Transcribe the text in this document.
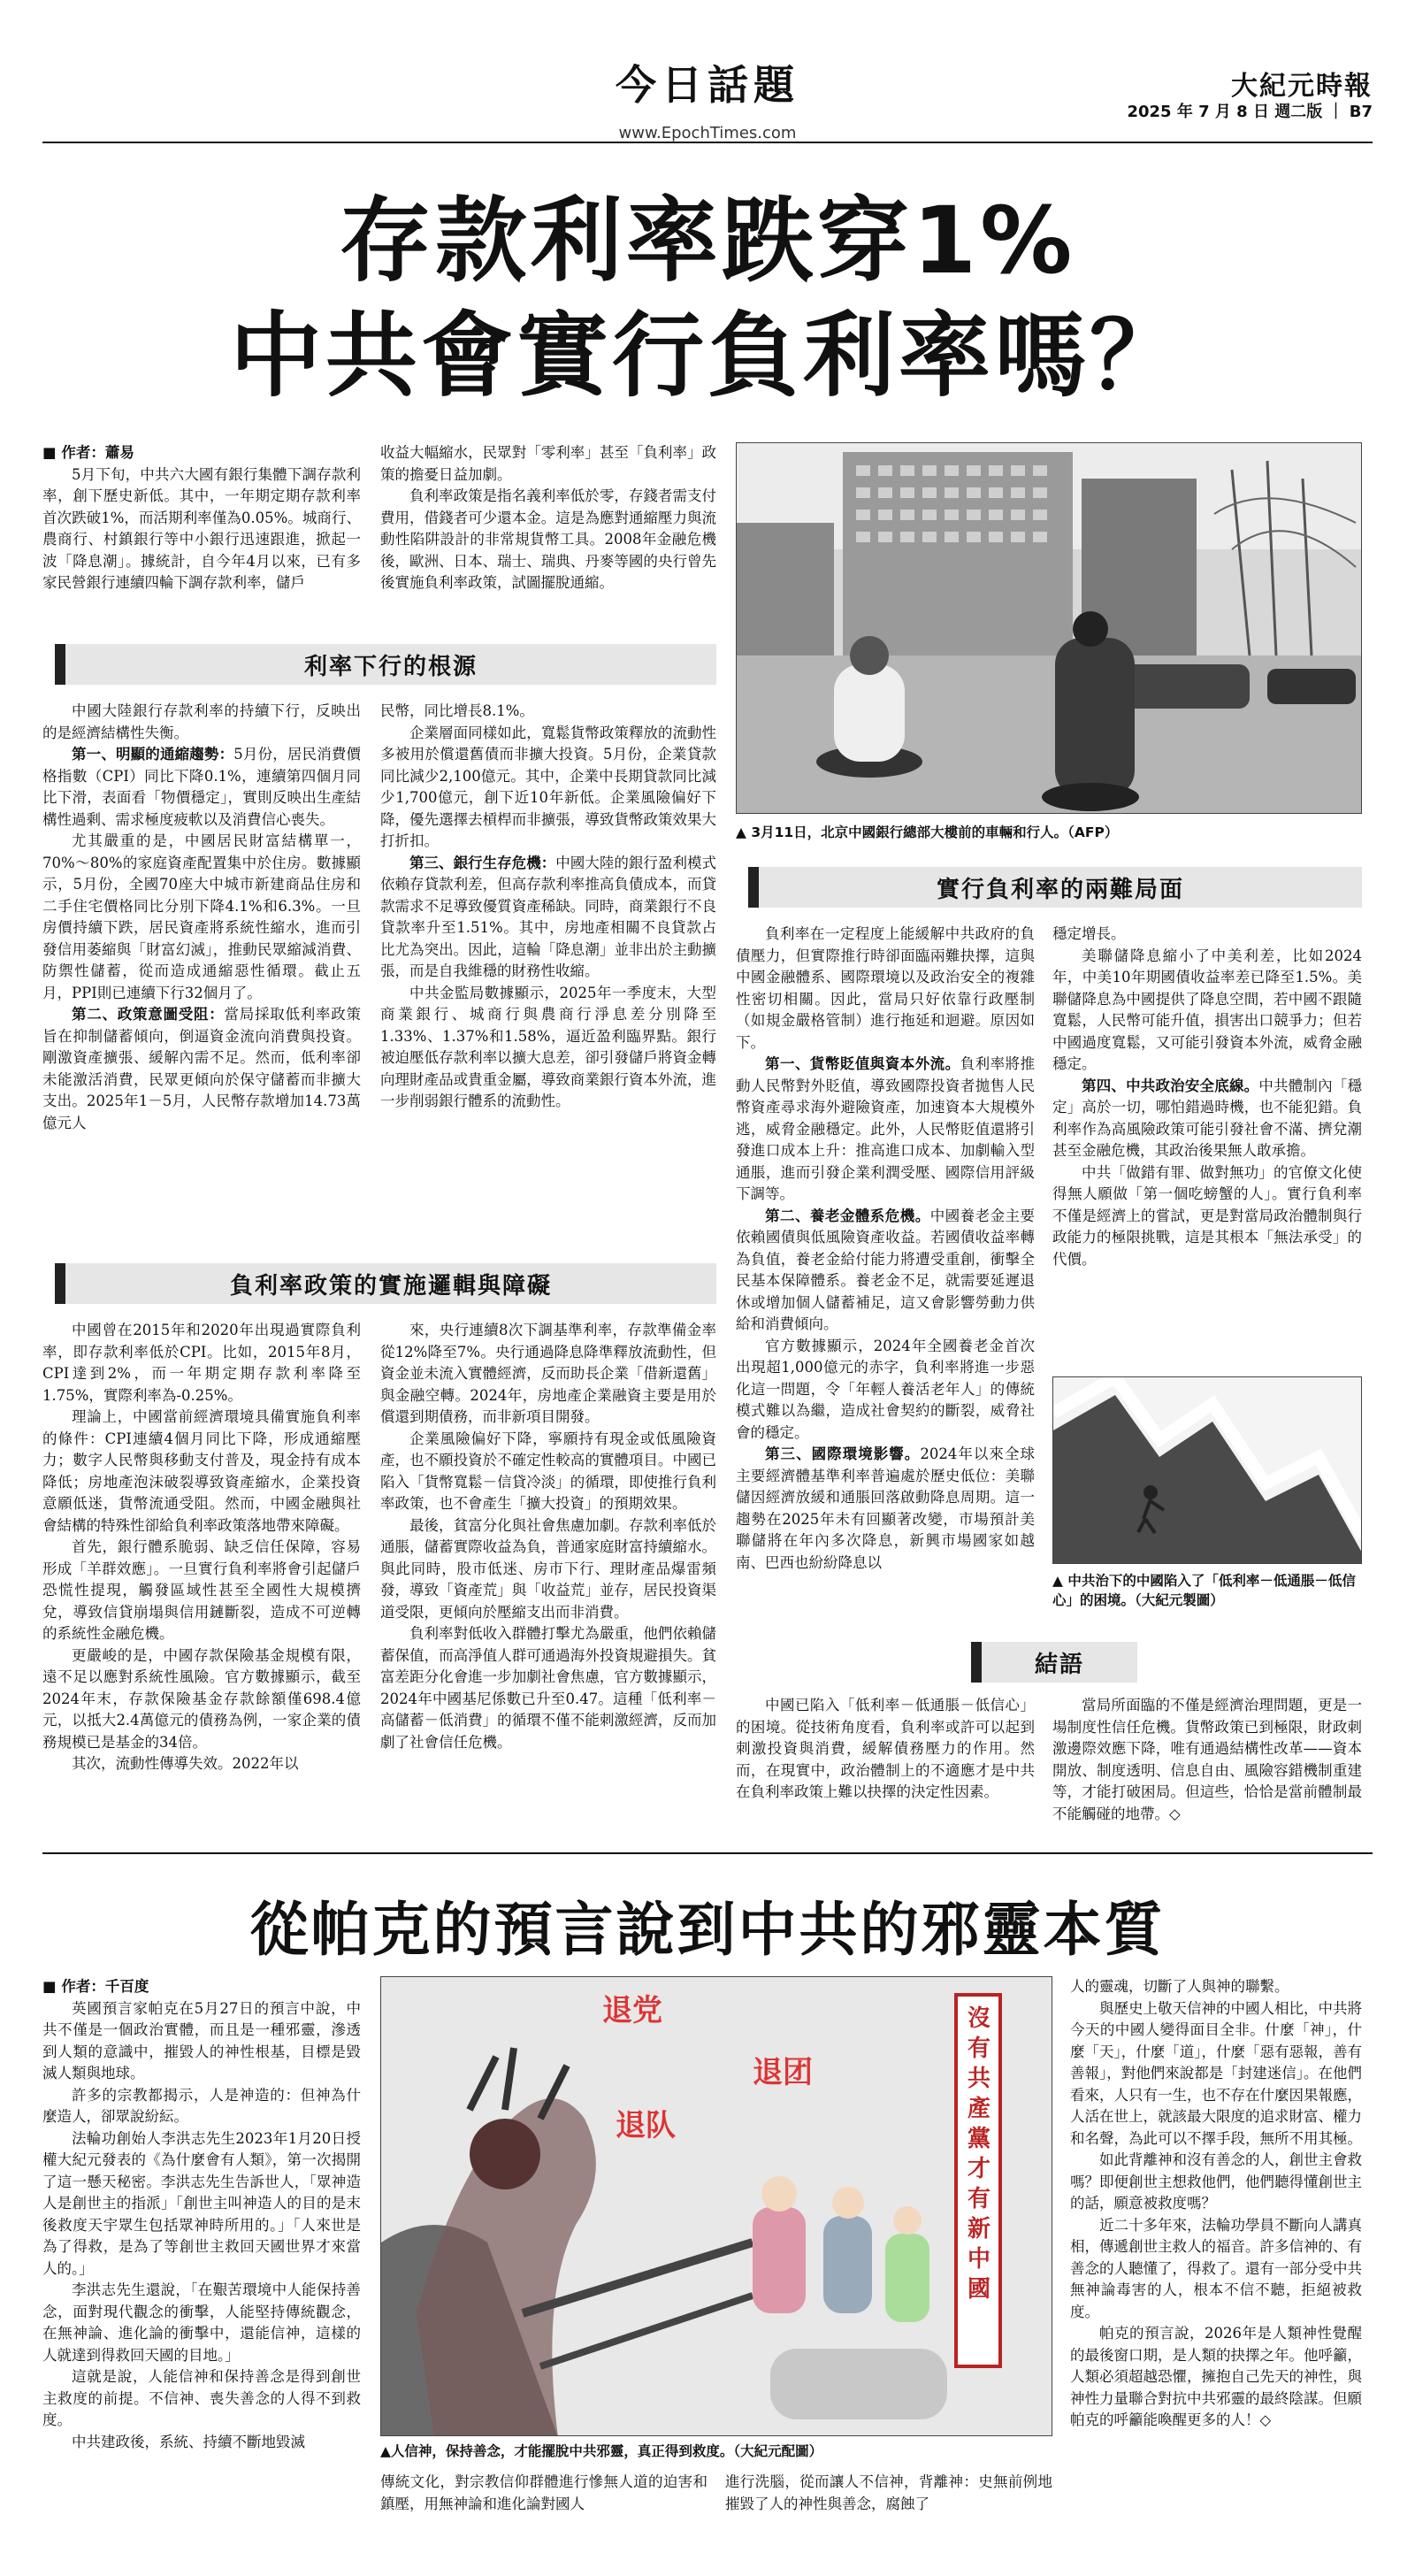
今日話題
www.EpochTimes.com
大紀元時報
2025 年 7 月 8 日 週二版 ｜ B7
存款利率跌穿1%
中共會實行負利率嗎？
■ 作者：蕭易

5月下旬，中共六大國有銀行集體下調存款利率，創下歷史新低。其中，一年期定期存款利率首次跌破1%，而活期利率僅為0.05%。城商行、農商行、村鎮銀行等中小銀行迅速跟進，掀起一波「降息潮」。據統計，自今年4月以來，已有多家民營銀行連續四輪下調存款利率，儲戶

收益大幅縮水，民眾對「零利率」甚至「負利率」政策的擔憂日益加劇。

負利率政策是指名義利率低於零，存錢者需支付費用，借錢者可少還本金。這是為應對通縮壓力與流動性陷阱設計的非常規貨幣工具。2008年金融危機後，歐洲、日本、瑞士、瑞典、丹麥等國的央行曾先後實施負利率政策，試圖擺脫通縮。

▲ 3月11日，北京中國銀行總部大樓前的車輛和行人。（AFP）
利率下行的根源

中國大陸銀行存款利率的持續下行，反映出的是經濟結構性失衡。

第一、明顯的通縮趨勢：5月份，居民消費價格指數（CPI）同比下降0.1%，連續第四個月同比下滑，表面看「物價穩定」，實則反映出生產結構性過剩、需求極度疲軟以及消費信心喪失。

尤其嚴重的是，中國居民財富結構單一，70%～80%的家庭資產配置集中於住房。數據顯示，5月份，全國70座大中城市新建商品住房和二手住宅價格同比分別下降4.1%和6.3%。一旦房價持續下跌，居民資產將系統性縮水，進而引發信用萎縮與「財富幻滅」，推動民眾縮減消費、防禦性儲蓄，從而造成通縮惡性循環。截止五月，PPI則已連續下行32個月了。

第二、政策意圖受阻：當局採取低利率政策旨在抑制儲蓄傾向，倒逼資金流向消費與投資。剛激資產擴張、緩解內需不足。然而，低利率卻未能激活消費，民眾更傾向於保守儲蓄而非擴大支出。2025年1－5月，人民幣存款增加14.73萬億元人

民幣，同比增長8.1%。

企業層面同樣如此，寬鬆貨幣政策釋放的流動性多被用於償還舊債而非擴大投資。5月份，企業貸款同比減少2,100億元。其中，企業中長期貸款同比減少1,700億元，創下近10年新低。企業風險偏好下降，優先選擇去槓桿而非擴張，導致貨幣政策效果大打折扣。

第三、銀行生存危機：中國大陸的銀行盈利模式依賴存貸款利差，但高存款利率推高負債成本，而貸款需求不足導致優質資產稀缺。同時，商業銀行不良貸款率升至1.51%。其中，房地產相關不良貸款占比尤為突出。因此，這輪「降息潮」並非出於主動擴張，而是自我維穩的財務性收縮。

中共金監局數據顯示，2025年一季度末，大型商業銀行、城商行與農商行淨息差分別降至1.33%、1.37%和1.58%，逼近盈利臨界點。銀行被迫壓低存款利率以擴大息差，卻引發儲戶將資金轉向理財產品或貴重金屬，導致商業銀行資本外流，進一步削弱銀行體系的流動性。

負利率政策的實施邏輯與障礙

中國曾在2015年和2020年出現過實際負利率，即存款利率低於CPI。比如，2015年8月，CPI達到2%，而一年期定期存款利率降至1.75%，實際利率為-0.25%。

理論上，中國當前經濟環境具備實施負利率的條件：CPI連續4個月同比下降，形成通縮壓力；數字人民幣與移動支付普及，現金持有成本降低；房地產泡沫破裂導致資產縮水，企業投資意願低迷，貨幣流通受阻。然而，中國金融與社會結構的特殊性卻給負利率政策落地帶來障礙。

首先，銀行體系脆弱、缺乏信任保障，容易形成「羊群效應」。一旦實行負利率將會引起儲戶恐慌性提現，觸發區域性甚至全國性大規模擠兌，導致信貸崩塌與信用鏈斷裂，造成不可逆轉的系統性金融危機。

更嚴峻的是，中國存款保險基金規模有限，遠不足以應對系統性風險。官方數據顯示，截至2024年末，存款保險基金存款餘額僅698.4億元，以抵大2.4萬億元的債務為例，一家企業的債務規模已是基金的34倍。

其次，流動性傳導失效。2022年以

來，央行連續8次下調基準利率，存款準備金率從12%降至7%。央行通過降息降準釋放流動性，但資金並未流入實體經濟，反而助長企業「借新還舊」與金融空轉。2024年，房地產企業融資主要是用於償還到期債務，而非新項目開發。

企業風險偏好下降，寧願持有現金或低風險資產，也不願投資於不確定性較高的實體項目。中國已陷入「貨幣寬鬆－信貸冷淡」的循環，即使推行負利率政策，也不會產生「擴大投資」的預期效果。

最後，貧富分化與社會焦慮加劇。存款利率低於通脹，儲蓄實際收益為負，普通家庭財富持續縮水。與此同時，股市低迷、房市下行、理財產品爆雷頻發，導致「資產荒」與「收益荒」並存，居民投資渠道受限，更傾向於壓縮支出而非消費。

負利率對低收入群體打擊尤為嚴重，他們依賴儲蓄保值，而高淨值人群可通過海外投資規避損失。貧富差距分化會進一步加劇社會焦慮，官方數據顯示，2024年中國基尼係數已升至0.47。這種「低利率－高儲蓄－低消費」的循環不僅不能刺激經濟，反而加劇了社會信任危機。

實行負利率的兩難局面

負利率在一定程度上能緩解中共政府的負債壓力，但實際推行時卻面臨兩難抉擇，這與中國金融體系、國際環境以及政治安全的複雜性密切相關。因此，當局只好依靠行政壓制（如規金嚴格管制）進行拖延和迴避。原因如下。

第一、貨幣貶值與資本外流。負利率將推動人民幣對外貶值，導致國際投資者拋售人民幣資產尋求海外避險資產，加速資本大規模外逃，威脅金融穩定。此外，人民幣貶值還將引發進口成本上升：推高進口成本、加劇輸入型通脹，進而引發企業利潤受壓、國際信用評級下調等。

第二、養老金體系危機。中國養老金主要依賴國債與低風險資產收益。若國債收益率轉為負值，養老金給付能力將遭受重創，衝擊全民基本保障體系。養老金不足，就需要延遲退休或增加個人儲蓄補足，這又會影響勞動力供給和消費傾向。

官方數據顯示，2024年全國養老金首次出現超1,000億元的赤字，負利率將進一步惡化這一問題，令「年輕人養活老年人」的傳統模式難以為繼，造成社會契約的斷裂，威脅社會的穩定。

第三、國際環境影響。2024年以來全球主要經濟體基準利率普遍處於歷史低位：美聯儲因經濟放緩和通脹回落啟動降息周期。這一趨勢在2025年未有回顯著改變，市場預計美聯儲將在年內多次降息，新興市場國家如越南、巴西也紛紛降息以

穩定增長。

美聯儲降息縮小了中美利差，比如2024年，中美10年期國債收益率差已降至1.5%。美聯儲降息為中國提供了降息空間，若中國不跟隨寬鬆，人民幣可能升值，損害出口競爭力；但若中國過度寬鬆，又可能引發資本外流，威脅金融穩定。

第四、中共政治安全底線。中共體制內「穩定」高於一切，哪怕錯過時機，也不能犯錯。負利率作為高風險政策可能引發社會不滿、擠兌潮甚至金融危機，其政治後果無人敢承擔。

中共「做錯有罪、做對無功」的官僚文化使得無人願做「第一個吃螃蟹的人」。實行負利率不僅是經濟上的嘗試，更是對當局政治體制與行政能力的極限挑戰，這是其根本「無法承受」的代價。

▲ 中共治下的中國陷入了「低利率－低通脹－低信心」的困境。（大紀元製圖）
結語

中國已陷入「低利率－低通脹－低信心」的困境。從技術角度看，負利率或許可以起到刺激投資與消費，緩解債務壓力的作用。然而，在現實中，政治體制上的不適應才是中共在負利率政策上難以抉擇的決定性因素。

當局所面臨的不僅是經濟治理問題，更是一場制度性信任危機。貨幣政策已到極限，財政刺激邊際效應下降，唯有通過結構性改革——資本開放、制度透明、信息自由、風險容錯機制重建等，才能打破困局。但這些，恰恰是當前體制最不能觸碰的地帶。◇

從帕克的預言說到中共的邪靈本質
■ 作者：千百度

英國預言家帕克在5月27日的預言中說，中共不僅是一個政治實體，而且是一種邪靈，滲透到人類的意識中，摧毀人的神性根基，目標是毀滅人類與地球。

許多的宗教都揭示，人是神造的：但神為什麼造人，卻眾說紛紜。

法輪功創始人李洪志先生2023年1月20日授權大紀元發表的《為什麼會有人類》，第一次揭開了這一懸天秘密。李洪志先生告訴世人，「眾神造人是創世主的指派」「創世主叫神造人的目的是末後救度天宇眾生包括眾神時所用的。」「人來世是為了得救，是為了等創世主救回天國世界才來當人的。」

李洪志先生還說，「在艱苦環境中人能保持善念，面對現代觀念的衝擊，人能堅持傳統觀念，在無神論、進化論的衝擊中，還能信神，這樣的人就達到得救回天國的目地。」

這就是說，人能信神和保持善念是得到創世主救度的前提。不信神、喪失善念的人得不到救度。

中共建政後，系統、持續不斷地毀滅

退党
退团
退队
沒有共產黨才有新中國
▲人信神，保持善念，才能擺脫中共邪靈，真正得到救度。（大紀元配圖）

傳統文化，對宗教信仰群體進行慘無人道的迫害和鎮壓，用無神論和進化論對國人

進行洗腦，從而讓人不信神，背離神：史無前例地摧毀了人的神性與善念，腐蝕了

人的靈魂，切斷了人與神的聯繫。

與歷史上敬天信神的中國人相比，中共將今天的中國人變得面目全非。什麼「神」，什麼「天」，什麼「道」，什麼「惡有惡報，善有善報」，對他們來說都是「封建迷信」。在他們看來，人只有一生，也不存在什麼因果報應，人活在世上，就該最大限度的追求財富、權力和名聲，為此可以不擇手段，無所不用其極。

如此背離神和沒有善念的人，創世主會救嗎？即便創世主想救他們，他們聽得懂創世主的話，願意被救度嗎？

近二十多年來，法輪功學員不斷向人講真相，傳遞創世主救人的福音。許多信神的、有善念的人聽懂了，得救了。還有一部分受中共無神論毒害的人，根本不信不聽，拒絕被救度。

帕克的預言說，2026年是人類神性覺醒的最後窗口期，是人類的抉擇之年。他呼籲，人類必須超越恐懼，擁抱自己先天的神性，與神性力量聯合對抗中共邪靈的最終陰謀。但願帕克的呼籲能喚醒更多的人！◇
